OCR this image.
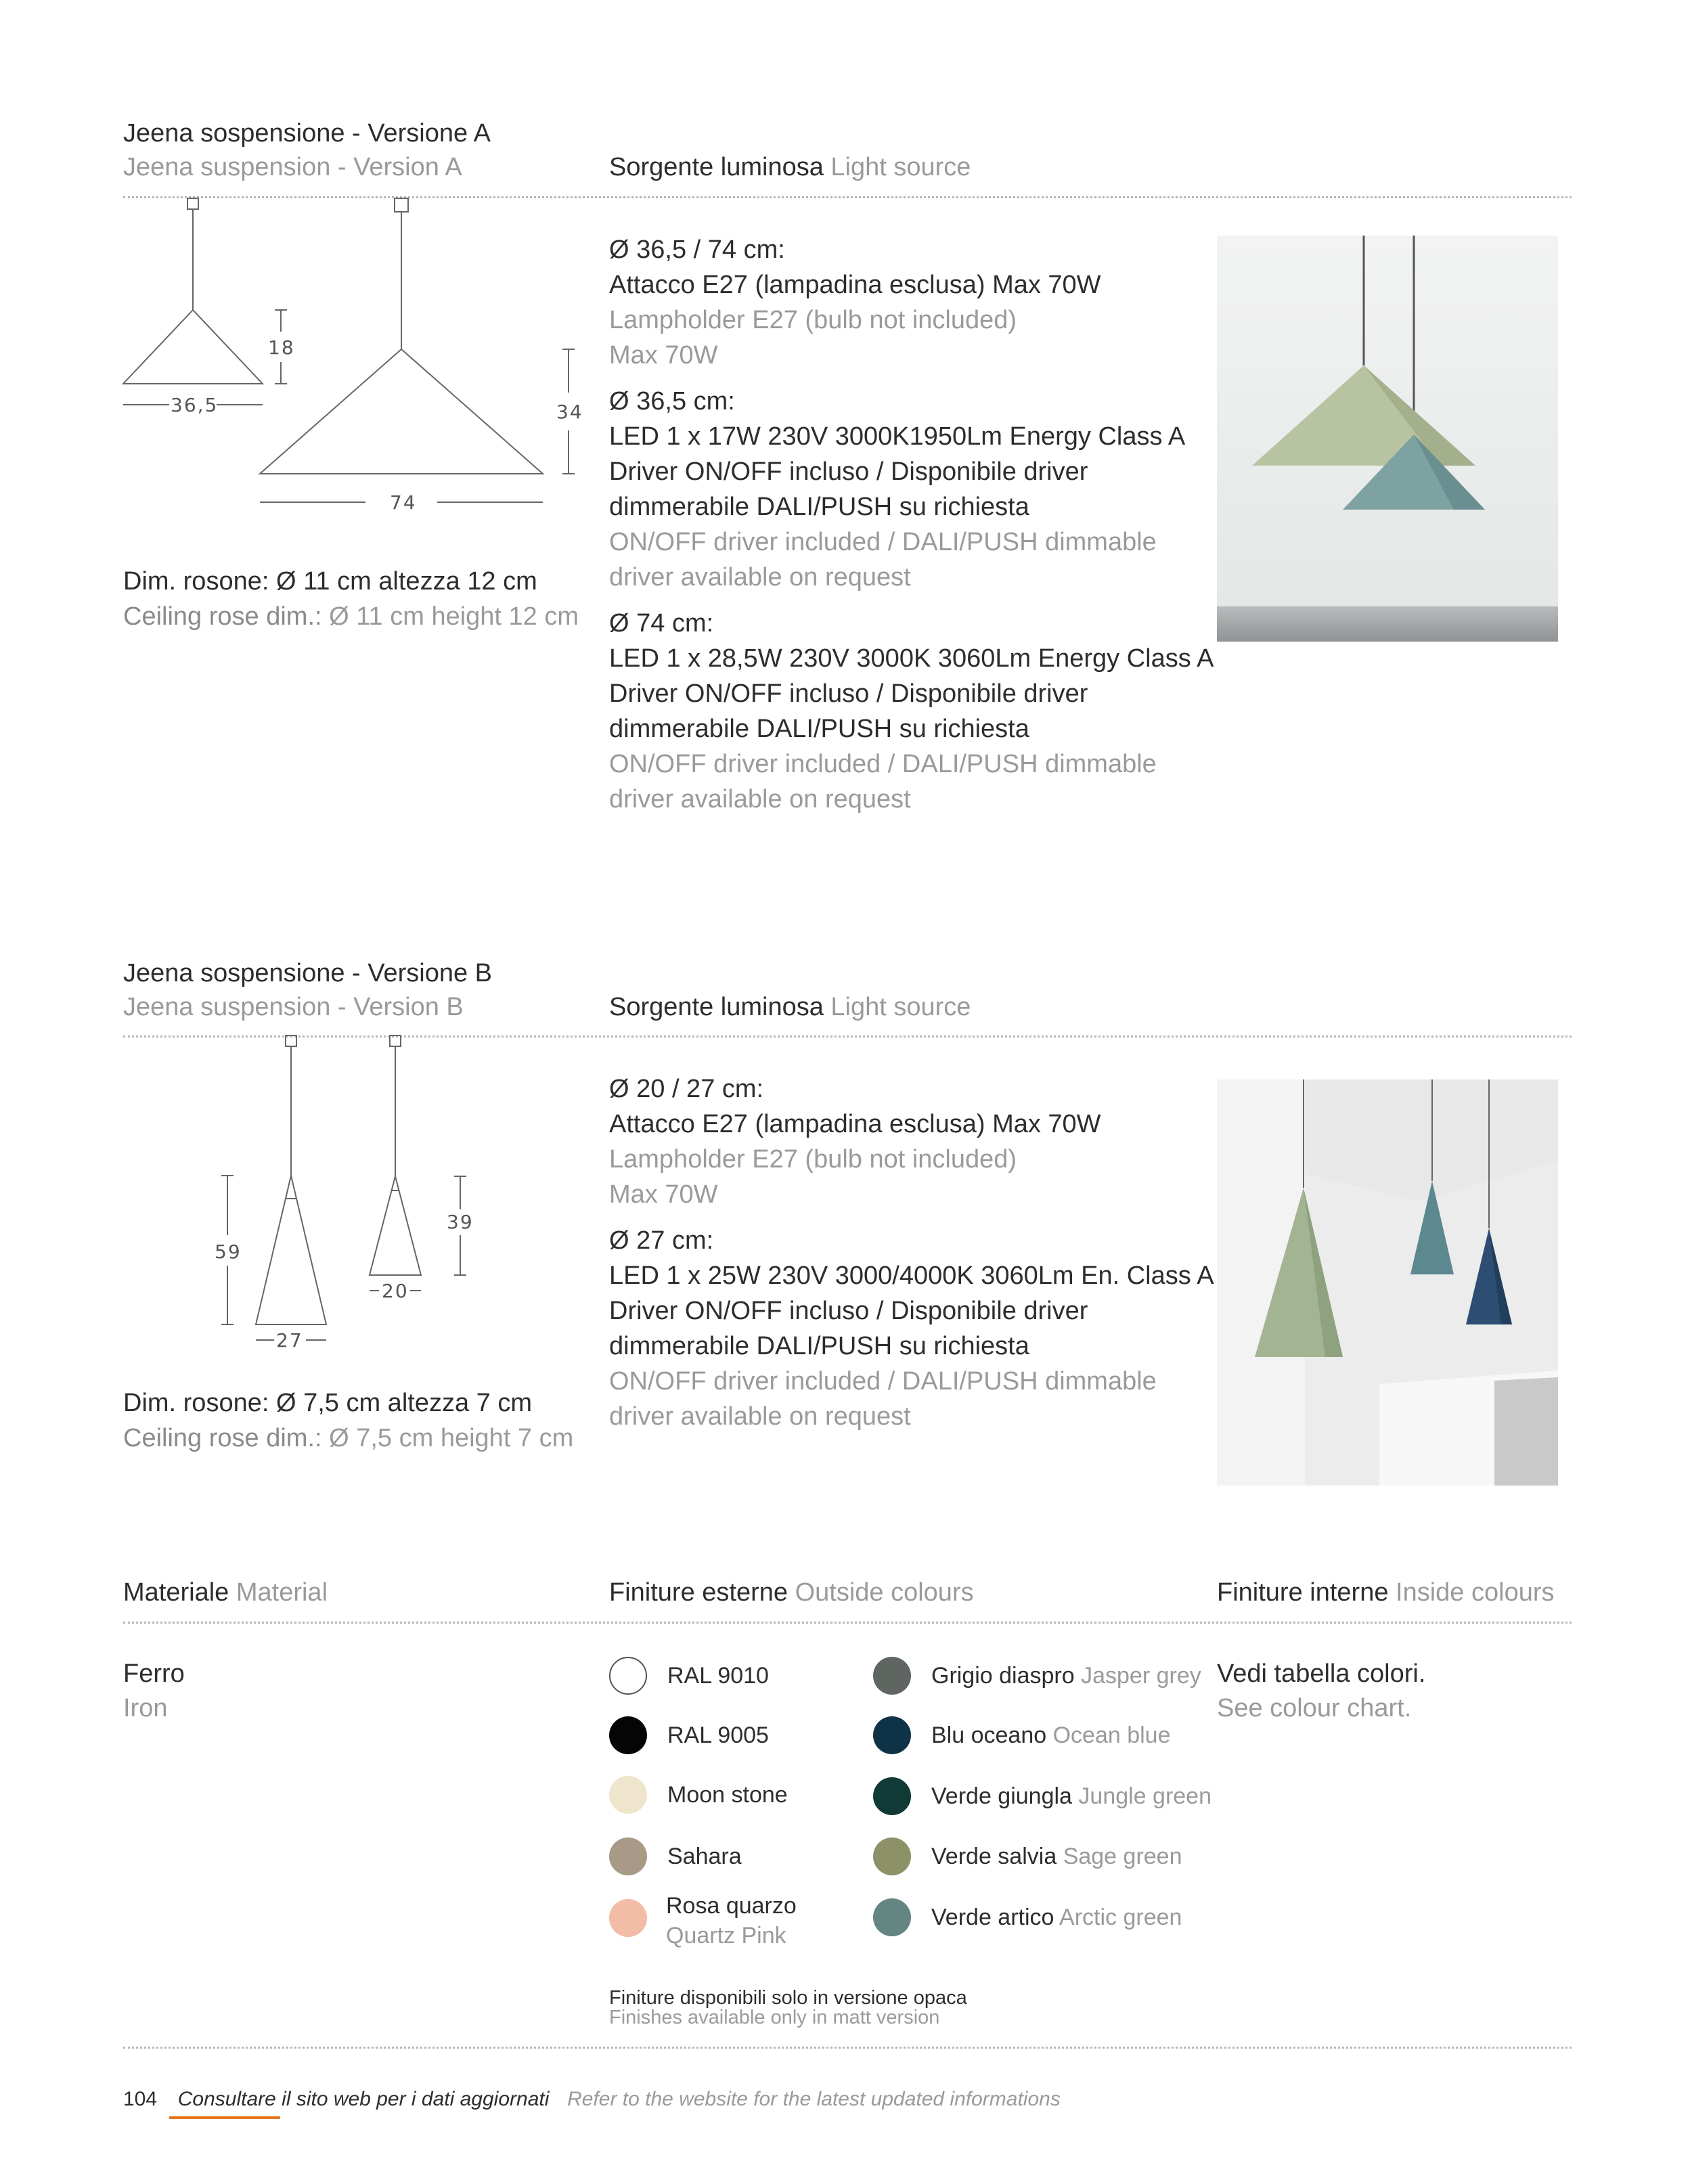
Jeena sospensione - Versione A
Jeena suspension - Version A	Sorgente luminosa Light source
18
36,5	34
74
Dim. rosone: Ø 11 cm altezza 12 cm
Ceiling rose dim.: Ø 11 cm height 12 cm
Ø 36,5 / 74 cm:
Attacco E27 (lampadina esclusa) Max 70W
Lampholder E27 (bulb not included)
Max 70W
Ø 36,5 cm:
LED 1 x 17W 230V 3000K1950Lm Energy Class A
Driver ON/OFF incluso / Disponibile driver
dimmerabile DALI/PUSH su richiesta
ON/OFF driver included / DALI/PUSH dimmable
driver available on request
Ø 74 cm:
LED 1 x 28,5W 230V 3000K 3060Lm Energy Class A
Driver ON/OFF incluso / Disponibile driver
dimmerabile DALI/PUSH su richiesta
ON/OFF driver included / DALI/PUSH dimmable
driver available on request
Jeena sospensione - Versione B
Jeena suspension - Version B	Sorgente luminosa Light source
59
39
27
20
Dim. rosone: Ø 7,5 cm altezza 7 cm
Ceiling rose dim.: Ø 7,5 cm height 7 cm
Ø 20 / 27 cm:
Attacco E27 (lampadina esclusa) Max 70W
Lampholder E27 (bulb not included)
Max 70W
Ø 27 cm:
LED 1 x 25W 230V 3000/4000K 3060Lm En. Class A
Driver ON/OFF incluso / Disponibile driver
dimmerabile DALI/PUSH su richiesta
ON/OFF driver included / DALI/PUSH dimmable
driver available on request
Materiale Material	Finiture esterne Outside colours	Finiture interne Inside colours
Ferro
Iron
Vedi tabella colori.
See colour chart.
RAL 9010
RAL 9005
Moon stone
Sahara
Rosa quarzo
Quartz Pink
Grigio diaspro Jasper grey
Blu oceano Ocean blue
Verde giungla Jungle green
Verde salvia Sage green
Verde artico Arctic green
Finiture disponibili solo in versione opaca
Finishes available only in matt version
104 Consultare il sito web per i dati aggiornati Refer to the website for the latest updated informations
